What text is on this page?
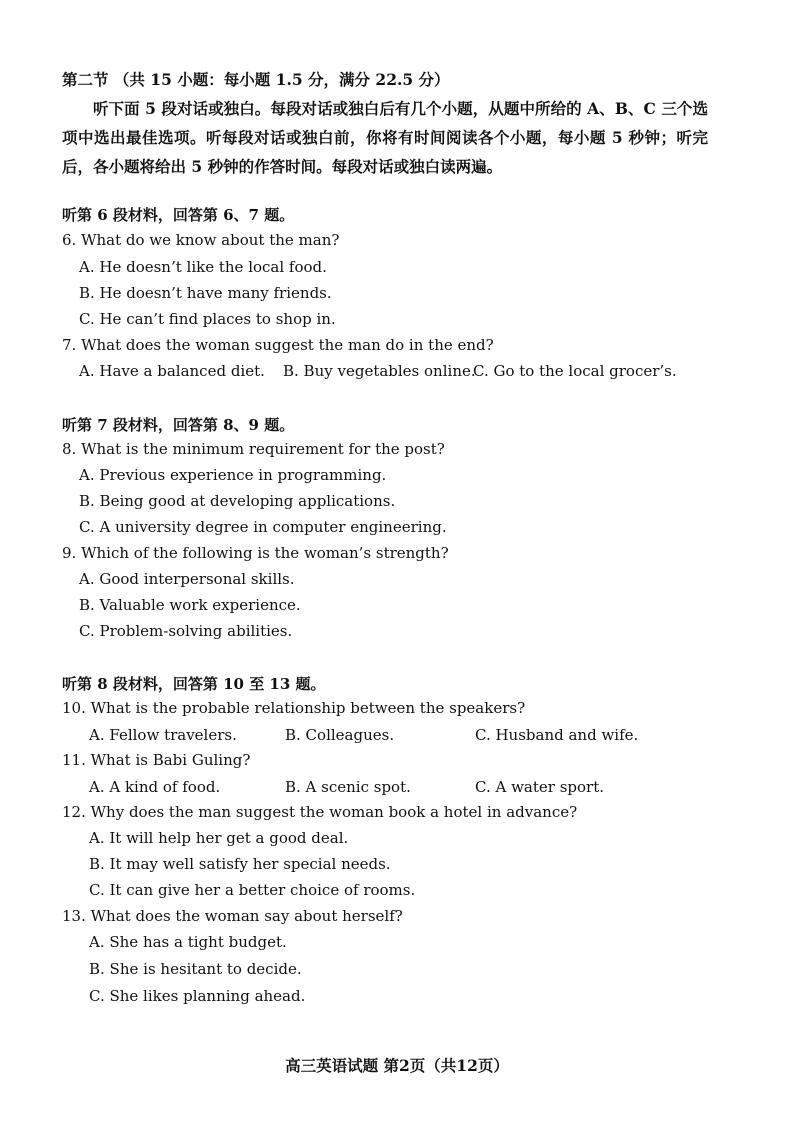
第二节 （共 15 小题：每小题 1.5 分，满分 22.5 分）
听下面 5 段对话或独白。每段对话或独白后有几个小题，从题中所给的 A、B、C 三个选项中选出最佳选项。听每段对话或独白前，你将有时间阅读各个小题，每小题 5 秒钟；听完后，各小题将给出 5 秒钟的作答时间。每段对话或独白读两遍。
听第 6 段材料，回答第 6、7 题。
6. What do we know about the man?
A. He doesn’t like the local food.
B. He doesn’t have many friends.
C. He can’t find places to shop in.
7. What does the woman suggest the man do in the end?
A. Have a balanced diet. B. Buy vegetables online.
C. Go to the local grocer’s.
听第 7 段材料，回答第 8、9 题。
8. What is the minimum requirement for the post?
A. Previous experience in programming.
B. Being good at developing applications.
C. A university degree in computer engineering.
9. Which of the following is the woman’s strength?
A. Good interpersonal skills.
B. Valuable work experience.
C. Problem-solving abilities.
听第 8 段材料，回答第 10 至 13 题。
10. What is the probable relationship between the speakers?
A. Fellow travelers.	B. Colleagues.	C. Husband and wife.
11. What is Babi Guling?
A. A kind of food.	B. A scenic spot.	C. A water sport.
12. Why does the man suggest the woman book a hotel in advance?
A. It will help her get a good deal.
B. It may well satisfy her special needs.
C. It can give her a better choice of rooms.
13. What does the woman say about herself?
A. She has a tight budget.
B. She is hesitant to decide.
C. She likes planning ahead.
高三英语试题 第2页（共12页）
